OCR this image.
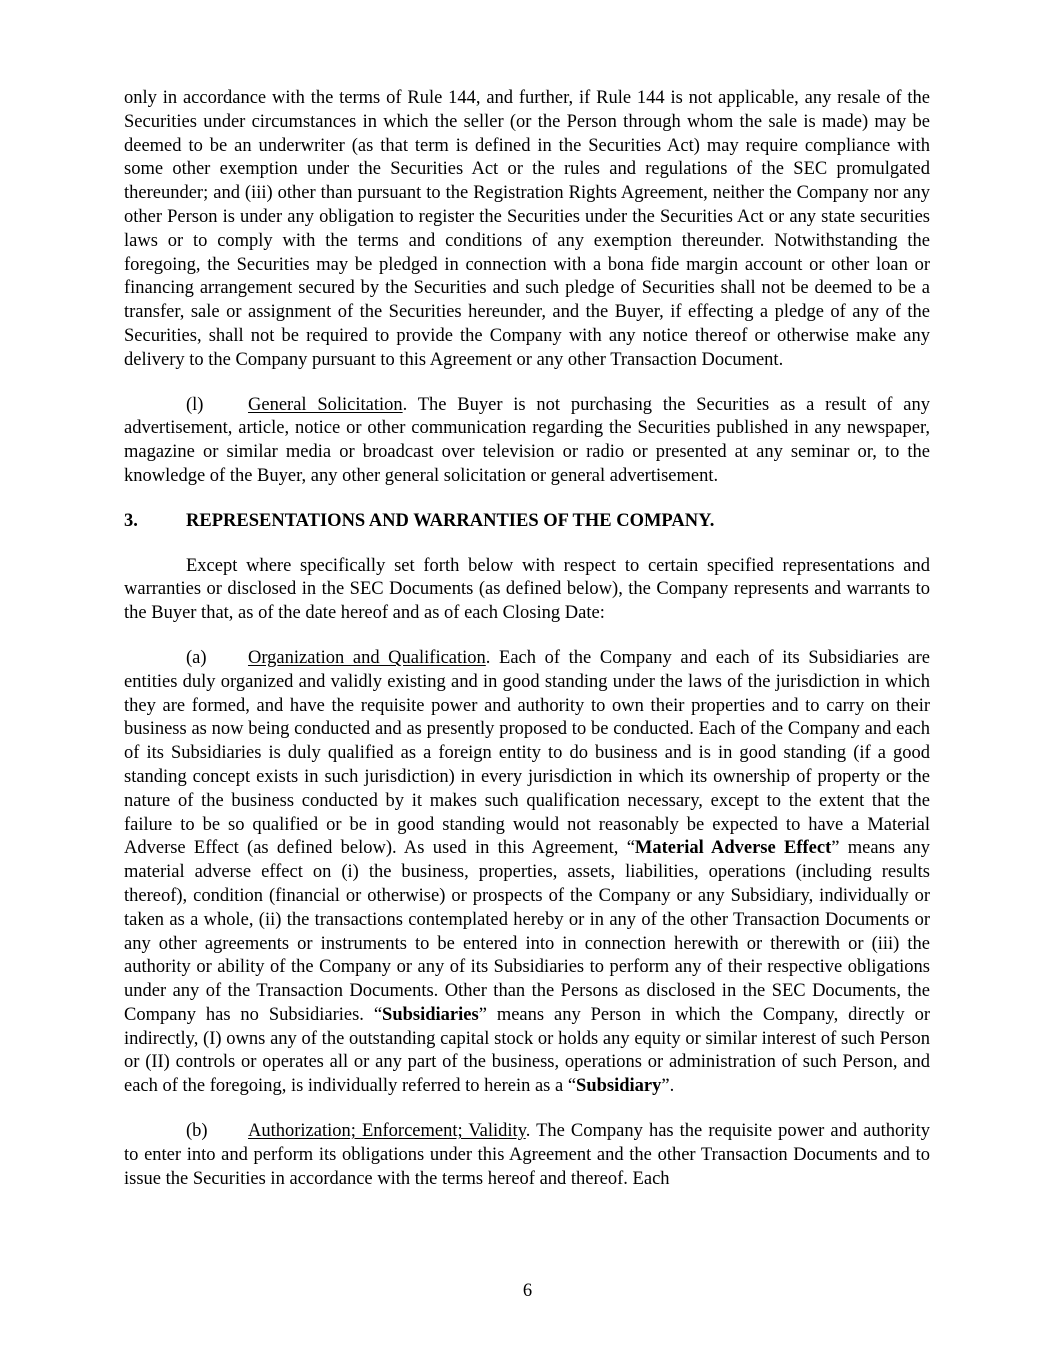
only in accordance with the terms of Rule 144, and further, if Rule 144 is not applicable, any resale of the Securities under circumstances in which the seller (or the Person through whom the sale is made) may be deemed to be an underwriter (as that term is defined in the Securities Act) may require compliance with some other exemption under the Securities Act or the rules and regulations of the SEC promulgated thereunder; and (iii) other than pursuant to the Registration Rights Agreement, neither the Company nor any other Person is under any obligation to register the Securities under the Securities Act or any state securities laws or to comply with the terms and conditions of any exemption thereunder. Notwithstanding the foregoing, the Securities may be pledged in connection with a bona fide margin account or other loan or financing arrangement secured by the Securities and such pledge of Securities shall not be deemed to be a transfer, sale or assignment of the Securities hereunder, and the Buyer, if effecting a pledge of any of the Securities, shall not be required to provide the Company with any notice thereof or otherwise make any delivery to the Company pursuant to this Agreement or any other Transaction Document.

(l) General Solicitation. The Buyer is not purchasing the Securities as a result of any advertisement, article, notice or other communication regarding the Securities published in any newspaper, magazine or similar media or broadcast over television or radio or presented at any seminar or, to the knowledge of the Buyer, any other general solicitation or general advertisement.

3.	REPRESENTATIONS AND WARRANTIES OF THE COMPANY.

Except where specifically set forth below with respect to certain specified representations and warranties or disclosed in the SEC Documents (as defined below), the Company represents and warrants to the Buyer that, as of the date hereof and as of each Closing Date:

(a) Organization and Qualification. Each of the Company and each of its Subsidiaries are entities duly organized and validly existing and in good standing under the laws of the jurisdiction in which they are formed, and have the requisite power and authority to own their properties and to carry on their business as now being conducted and as presently proposed to be conducted. Each of the Company and each of its Subsidiaries is duly qualified as a foreign entity to do business and is in good standing (if a good standing concept exists in such jurisdiction) in every jurisdiction in which its ownership of property or the nature of the business conducted by it makes such qualification necessary, except to the extent that the failure to be so qualified or be in good standing would not reasonably be expected to have a Material Adverse Effect (as defined below). As used in this Agreement, “Material Adverse Effect” means any material adverse effect on (i) the business, properties, assets, liabilities, operations (including results thereof), condition (financial or otherwise) or prospects of the Company or any Subsidiary, individually or taken as a whole, (ii) the transactions contemplated hereby or in any of the other Transaction Documents or any other agreements or instruments to be entered into in connection herewith or therewith or (iii) the authority or ability of the Company or any of its Subsidiaries to perform any of their respective obligations under any of the Transaction Documents. Other than the Persons as disclosed in the SEC Documents, the Company has no Subsidiaries. “Subsidiaries” means any Person in which the Company, directly or indirectly, (I) owns any of the outstanding capital stock or holds any equity or similar interest of such Person or (II) controls or operates all or any part of the business, operations or administration of such Person, and each of the foregoing, is individually referred to herein as a “Subsidiary”.

(b) Authorization; Enforcement; Validity. The Company has the requisite power and authority to enter into and perform its obligations under this Agreement and the other Transaction Documents and to issue the Securities in accordance with the terms hereof and thereof. Each

6
